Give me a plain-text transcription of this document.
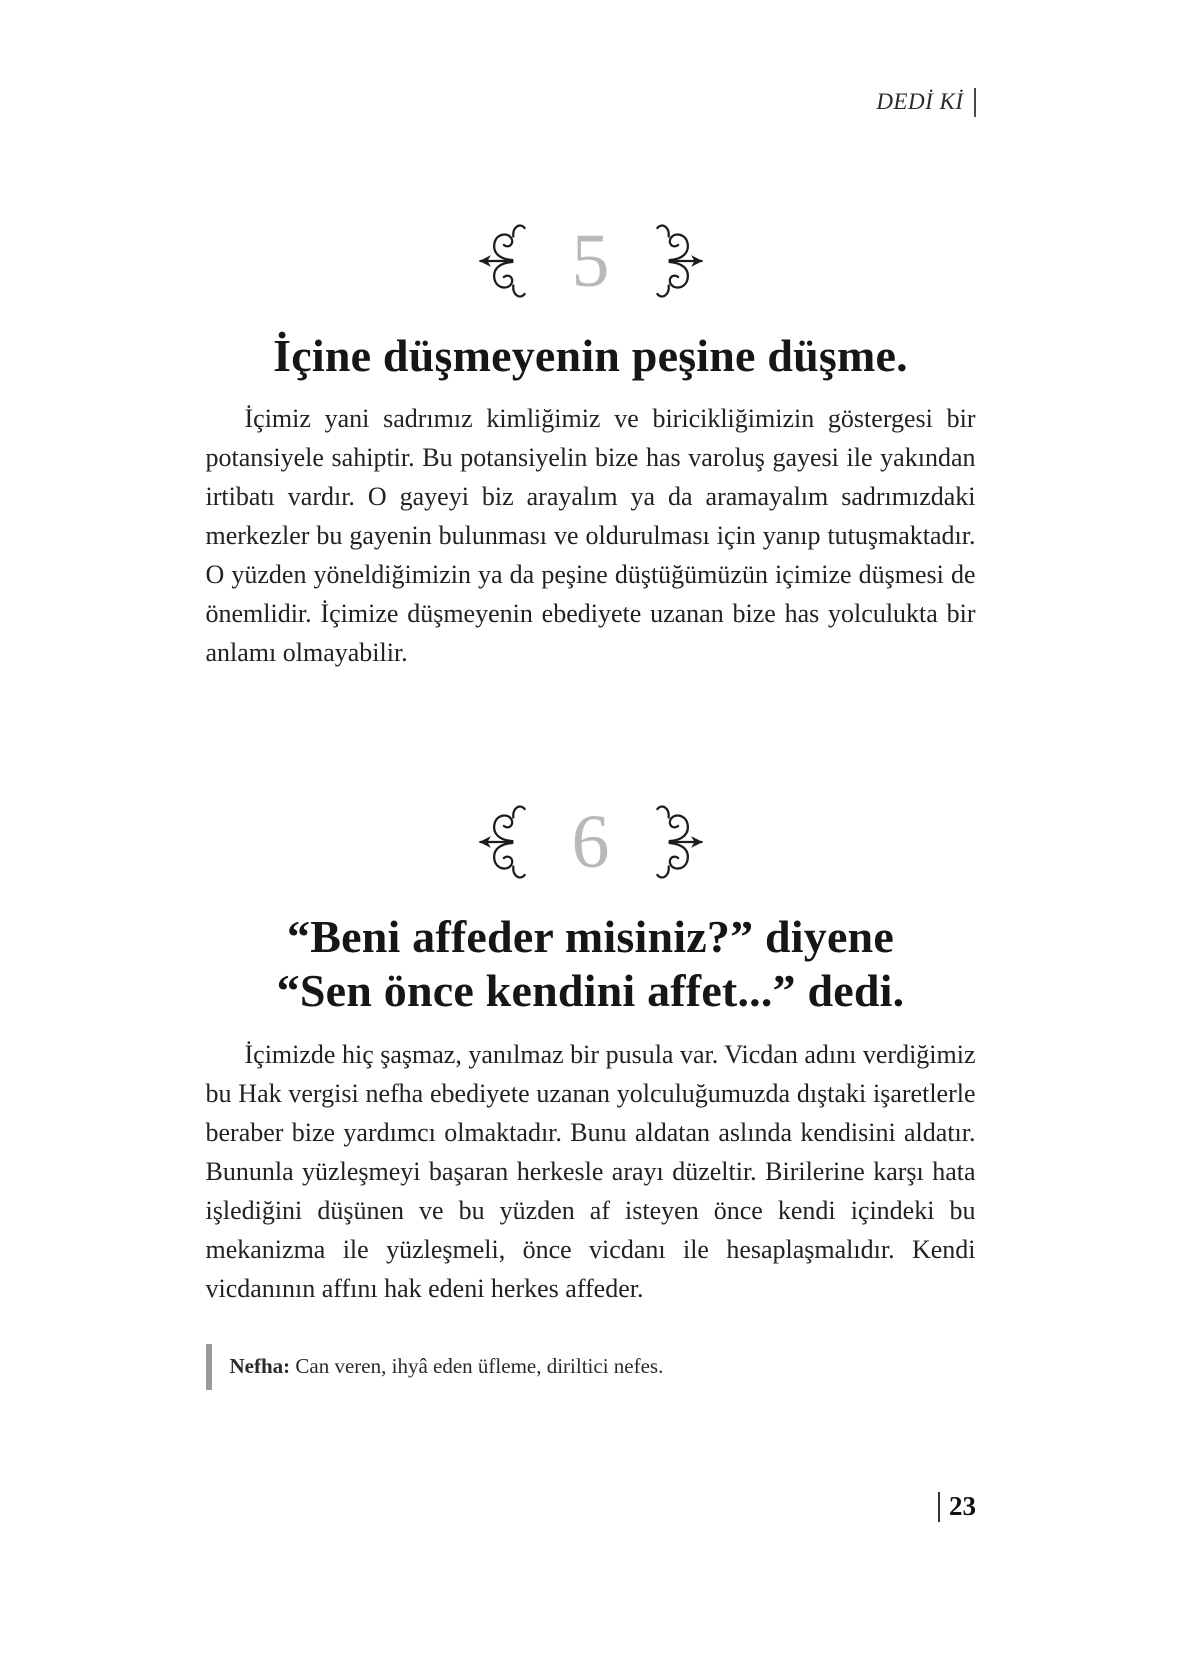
DEDİ Kİ
5
İçine düşmeyenin peşine düşme.

İçimiz yani sadrımız kimliğimiz ve biricikliğimizin göstergesi bir potansiyele sahiptir. Bu potansiyelin bize has varoluş gayesi ile yakından irtibatı vardır. O gayeyi biz arayalım ya da aramayalım sadrımızdaki merkezler bu gayenin bulunması ve oldurulması için yanıp tutuşmaktadır. O yüzden yöneldiğimizin ya da peşine düştüğümüzün içimize düşmesi de önemlidir. İçimize düşmeyenin ebediyete uzanan bize has yolculukta bir anlamı olmayabilir.

6
“Beni affeder misiniz?” diyene
“Sen önce kendini affet...” dedi.

İçimizde hiç şaşmaz, yanılmaz bir pusula var. Vicdan adını verdiğimiz bu Hak vergisi nefha ebediyete uzanan yolculuğumuzda dıştaki işaretlerle beraber bize yardımcı olmaktadır. Bunu aldatan aslında kendisini aldatır. Bununla yüzleşmeyi başaran herkesle arayı düzeltir. Birilerine karşı hata işlediğini düşünen ve bu yüzden af isteyen önce kendi içindeki bu mekanizma ile yüzleşmeli, önce vicdanı ile hesaplaşmalıdır. Kendi vicdanının affını hak edeni herkes affeder.

Nefha: Can veren, ihyâ eden üfleme, diriltici nefes.
23
